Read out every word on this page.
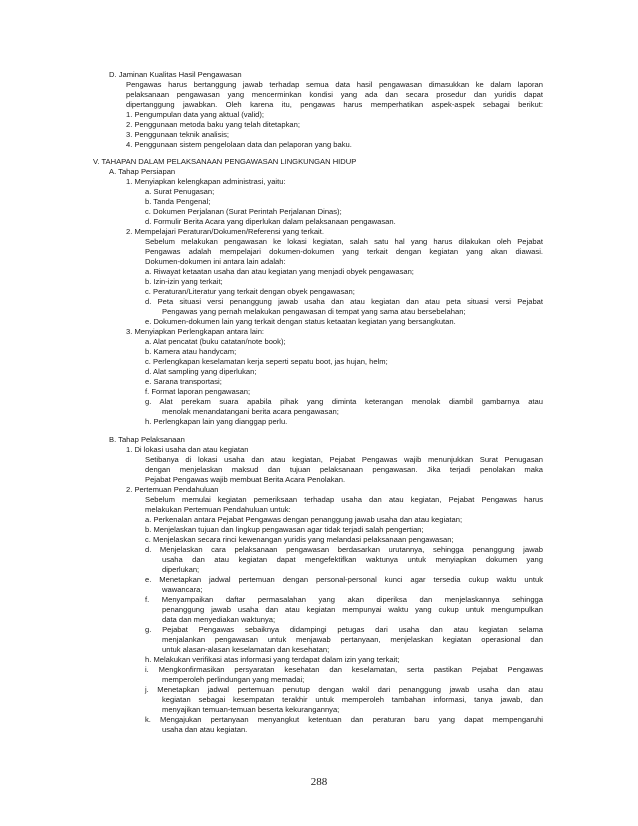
D. Jaminan Kualitas Hasil Pengawasan
Pengawas harus bertanggung jawab terhadap semua data hasil pengawasan dimasukkan ke dalam laporan
pelaksanaan pengawasan yang mencerminkan kondisi yang ada dan secara prosedur dan yuridis dapat
dipertanggung jawabkan. Oleh karena itu, pengawas harus memperhatikan aspek-aspek sebagai berikut:
1. Pengumpulan data yang aktual (valid);
2. Penggunaan metoda baku yang telah ditetapkan;
3. Penggunaan teknik analisis;
4. Penggunaan sistem pengelolaan data dan pelaporan yang baku.
V. TAHAPAN DALAM PELAKSANAAN PENGAWASAN LINGKUNGAN HIDUP
A. Tahap Persiapan
1. Menyiapkan kelengkapan administrasi, yaitu:
a. Surat Penugasan;
b. Tanda Pengenal;
c. Dokumen Perjalanan (Surat Perintah Perjalanan Dinas);
d. Formulir Berita Acara yang diperlukan dalam pelaksanaan pengawasan.
2. Mempelajari Peraturan/Dokumen/Referensi yang terkait.
Sebelum melakukan pengawasan ke lokasi kegiatan, salah satu hal yang harus dilakukan oleh Pejabat
Pengawas adalah mempelajari dokumen-dokumen yang terkait dengan kegiatan yang akan diawasi.
Dokumen-dokumen ini antara lain adalah:
a. Riwayat ketaatan usaha dan atau kegiatan yang menjadi obyek pengawasan;
b. Izin-izin yang terkait;
c. Peraturan/Literatur yang terkait dengan obyek pengawasan;
d. Peta situasi versi penanggung jawab usaha dan atau kegiatan dan atau peta situasi versi Pejabat
Pengawas yang pernah melakukan pengawasan di tempat yang sama atau bersebelahan;
e. Dokumen-dokumen lain yang terkait dengan status ketaatan kegiatan yang bersangkutan.
3. Menyiapkan Perlengkapan antara lain:
a. Alat pencatat (buku catatan/note book);
b. Kamera atau handycam;
c. Perlengkapan keselamatan kerja seperti sepatu boot, jas hujan, helm;
d. Alat sampling yang diperlukan;
e. Sarana transportasi;
f. Format laporan pengawasan;
g. Alat perekam suara apabila pihak yang diminta keterangan menolak diambil gambarnya atau
menolak menandatangani berita acara pengawasan;
h. Perlengkapan lain yang dianggap perlu.
B. Tahap Pelaksanaan
1. Di lokasi usaha dan atau kegiatan
Setibanya di lokasi usaha dan atau kegiatan, Pejabat Pengawas wajib menunjukkan Surat Penugasan
dengan menjelaskan maksud dan tujuan pelaksanaan pengawasan. Jika terjadi penolakan maka
Pejabat Pengawas wajib membuat Berita Acara Penolakan.
2. Pertemuan Pendahuluan
Sebelum memulai kegiatan pemeriksaan terhadap usaha dan atau kegiatan, Pejabat Pengawas harus
melakukan Pertemuan Pendahuluan untuk:
a. Perkenalan antara Pejabat Pengawas dengan penanggung jawab usaha dan atau kegiatan;
b. Menjelaskan tujuan dan lingkup pengawasan agar tidak terjadi salah pengertian;
c. Menjelaskan secara rinci kewenangan yuridis yang melandasi pelaksanaan pengawasan;
d. Menjelaskan cara pelaksanaan pengawasan berdasarkan urutannya, sehingga penanggung jawab
usaha dan atau kegiatan dapat mengefektifkan waktunya untuk menyiapkan dokumen yang
diperlukan;
e. Menetapkan jadwal pertemuan dengan personal-personal kunci agar tersedia cukup waktu untuk
wawancara;
f. Menyampaikan daftar permasalahan yang akan diperiksa dan menjelaskannya sehingga
penanggung jawab usaha dan atau kegiatan mempunyai waktu yang cukup untuk mengumpulkan
data dan menyediakan waktunya;
g. Pejabat Pengawas sebaiknya didampingi petugas dari usaha dan atau kegiatan selama
menjalankan pengawasan untuk menjawab pertanyaan, menjelaskan kegiatan operasional dan
untuk alasan-alasan keselamatan dan kesehatan;
h. Melakukan verifikasi atas informasi yang terdapat dalam izin yang terkait;
i. Mengkonfirmasikan persyaratan kesehatan dan keselamatan, serta pastikan Pejabat Pengawas
memperoleh perlindungan yang memadai;
j. Menetapkan jadwal pertemuan penutup dengan wakil dari penanggung jawab usaha dan atau
kegiatan sebagai kesempatan terakhir untuk memperoleh tambahan informasi, tanya jawab, dan
menyajikan temuan-temuan beserta kekurangannya;
k. Mengajukan pertanyaan menyangkut ketentuan dan peraturan baru yang dapat mempengaruhi
usaha dan atau kegiatan.
288
